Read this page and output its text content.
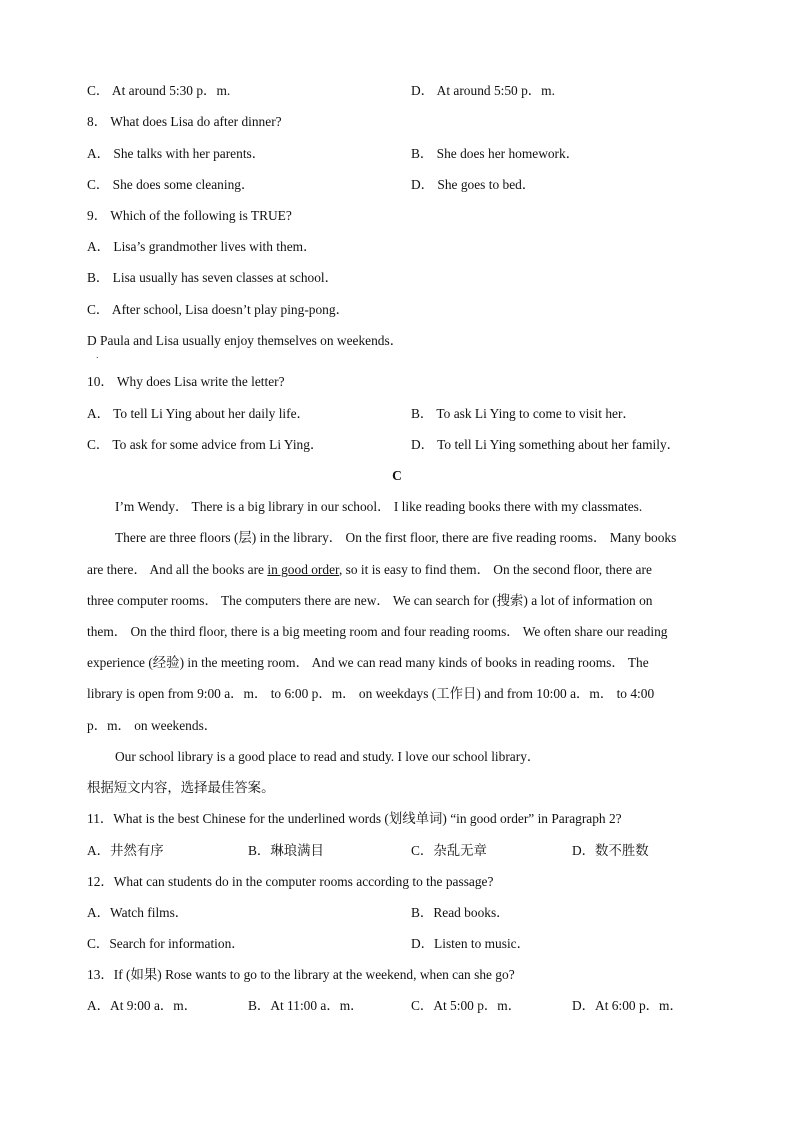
C． At around 5:30 p．m.	D． At around 5:50 p．m.
8． What does Lisa do after dinner?
A． She talks with her parents．	B． She does her homework．
C． She does some cleaning．	D． She goes to bed．
9． Which of the following is TRUE?
A． Lisa’s grandmother lives with them．
B． Lisa usually has seven classes at school．
C． After school, Lisa doesn’t play ping-pong．
D Paula and Lisa usually enjoy themselves on weekends．
．
10． Why does Lisa write the letter?
A． To tell Li Ying about her daily life．	B． To ask Li Ying to come to visit her．
C． To ask for some advice from Li Ying．	D． To tell Li Ying something about her family．
C
I’m Wendy． There is a big library in our school． I like reading books there with my classmates.
There are three floors (层) in the library． On the first floor, there are five reading rooms． Many books
are there． And all the books are in good order, so it is easy to find them． On the second floor, there are
three computer rooms． The computers there are new． We can search for (搜索) a lot of information on
them． On the third floor, there is a big meeting room and four reading rooms． We often share our reading
experience (经验) in the meeting room． And we can read many kinds of books in reading rooms． The
library is open from 9:00 a．m． to 6:00 p．m． on weekdays (工作日) and from 10:00 a．m． to 4:00
p．m． on weekends．
Our school library is a good place to read and study. I love our school library．
根据短文内容，选择最佳答案。
11．What is the best Chinese for the underlined words (划线单词) “in good order” in Paragraph 2?
A．井然有序	B．琳琅满目	C．杂乱无章	D．数不胜数
12．What can students do in the computer rooms according to the passage?
A．Watch films．	B．Read books．
C．Search for information．	D．Listen to music．
13．If (如果) Rose wants to go to the library at the weekend, when can she go?
A．At 9:00 a．m．	B．At 11:00 a．m．	C．At 5:00 p．m．	D．At 6:00 p．m．
